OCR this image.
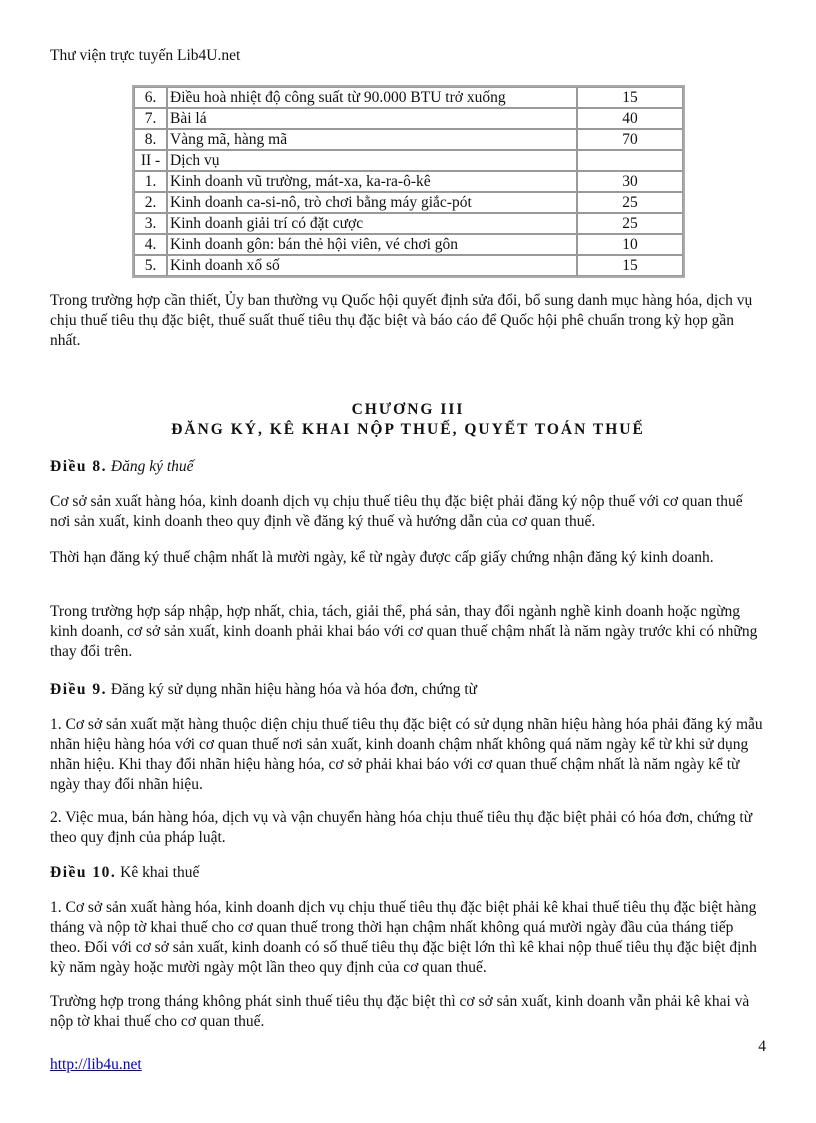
Thư viện trực tuyến Lib4U.net
6.	Điều hoà nhiệt độ công suất từ 90.000 BTU trở xuống	15
7.	Bài lá	40
8.	Vàng mã, hàng mã	70
II -	Dịch vụ	
1.	Kinh doanh vũ trường, mát-xa, ka-ra-ô-kê	30
2.	Kinh doanh ca-si-nô, trò chơi bằng máy giắc-pót	25
3.	Kinh doanh giải trí có đặt cược	25
4.	Kinh doanh gôn: bán thẻ hội viên, vé chơi gôn	10
5.	Kinh doanh xổ số	15

Trong trường hợp cần thiết, Ủy ban thường vụ Quốc hội quyết định sửa đổi, bổ sung danh mục hàng hóa, dịch vụ chịu thuế tiêu thụ đặc biệt, thuế suất thuế tiêu thụ đặc biệt và báo cáo để Quốc hội phê chuẩn trong kỳ họp gần nhất.

CHƯƠNG III
ĐĂNG KÝ, KÊ KHAI NỘP THUẾ, QUYẾT TOÁN THUẾ
Điều 8. Đăng ký thuế

Cơ sở sản xuất hàng hóa, kinh doanh dịch vụ chịu thuế tiêu thụ đặc biệt phải đăng ký nộp thuế với cơ quan thuế nơi sản xuất, kinh doanh theo quy định về đăng ký thuế và hướng dẫn của cơ quan thuế.

Thời hạn đăng ký thuế chậm nhất là mười ngày, kể từ ngày được cấp giấy chứng nhận đăng ký kinh doanh.

Trong trường hợp sáp nhập, hợp nhất, chia, tách, giải thể, phá sản, thay đổi ngành nghề kinh doanh hoặc ngừng kinh doanh, cơ sở sản xuất, kinh doanh phải khai báo với cơ quan thuế chậm nhất là năm ngày trước khi có những thay đổi trên.

Điều 9. Đăng ký sử dụng nhãn hiệu hàng hóa và hóa đơn, chứng từ

1. Cơ sở sản xuất mặt hàng thuộc diện chịu thuế tiêu thụ đặc biệt có sử dụng nhãn hiệu hàng hóa phải đăng ký mẫu nhãn hiệu hàng hóa với cơ quan thuế nơi sản xuất, kinh doanh chậm nhất không quá năm ngày kể từ khi sử dụng nhãn hiệu. Khi thay đổi nhãn hiệu hàng hóa, cơ sở phải khai báo với cơ quan thuế chậm nhất là năm ngày kể từ ngày thay đổi nhãn hiệu.

2. Việc mua, bán hàng hóa, dịch vụ và vận chuyển hàng hóa chịu thuế tiêu thụ đặc biệt phải có hóa đơn, chứng từ theo quy định của pháp luật.

Điều 10. Kê khai thuế

1. Cơ sở sản xuất hàng hóa, kinh doanh dịch vụ chịu thuế tiêu thụ đặc biệt phải kê khai thuế tiêu thụ đặc biệt hàng tháng và nộp tờ khai thuế cho cơ quan thuế trong thời hạn chậm nhất không quá mười ngày đầu của tháng tiếp theo. Đối với cơ sở sản xuất, kinh doanh có số thuế tiêu thụ đặc biệt lớn thì kê khai nộp thuế tiêu thụ đặc biệt định kỳ năm ngày hoặc mười ngày một lần theo quy định của cơ quan thuế.

Trường hợp trong tháng không phát sinh thuế tiêu thụ đặc biệt thì cơ sở sản xuất, kinh doanh vẫn phải kê khai và nộp tờ khai thuế cho cơ quan thuế.

4
http://lib4u.net
